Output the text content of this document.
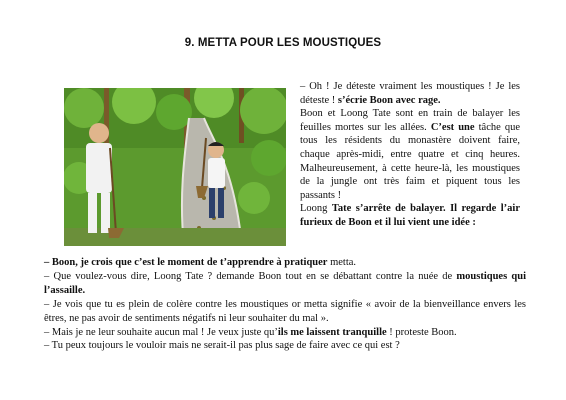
9. METTA POUR LES MOUSTIQUES

– Oh ! Je déteste vraiment les moustiques ! Je les déteste ! s’écrie Boon avec rage.

Boon et Loong Tate sont en train de balayer les feuilles mortes sur les allées. C’est une tâche que tous les résidents du monastère doivent faire, chaque après-midi, entre quatre et cinq heures. Malheureusement, à cette heure-là, les moustiques de la jungle ont très faim et piquent tous les passants !

Loong Tate s’arrête de balayer. Il regarde l’air furieux de Boon et il lui vient une idée :

– Boon, je crois que c’est le moment de t’apprendre à pratiquer metta.

– Que voulez-vous dire, Loong Tate ? demande Boon tout en se débattant contre la nuée de moustiques qui l’assaille.

– Je vois que tu es plein de colère contre les moustiques or metta signifie « avoir de la bienveillance envers les êtres, ne pas avoir de sentiments négatifs ni leur souhaiter du mal ».

– Mais je ne leur souhaite aucun mal ! Je veux juste qu’ils me laissent tranquille ! proteste Boon.

– Tu peux toujours le vouloir mais ne serait-il pas plus sage de faire avec ce qui est ?
